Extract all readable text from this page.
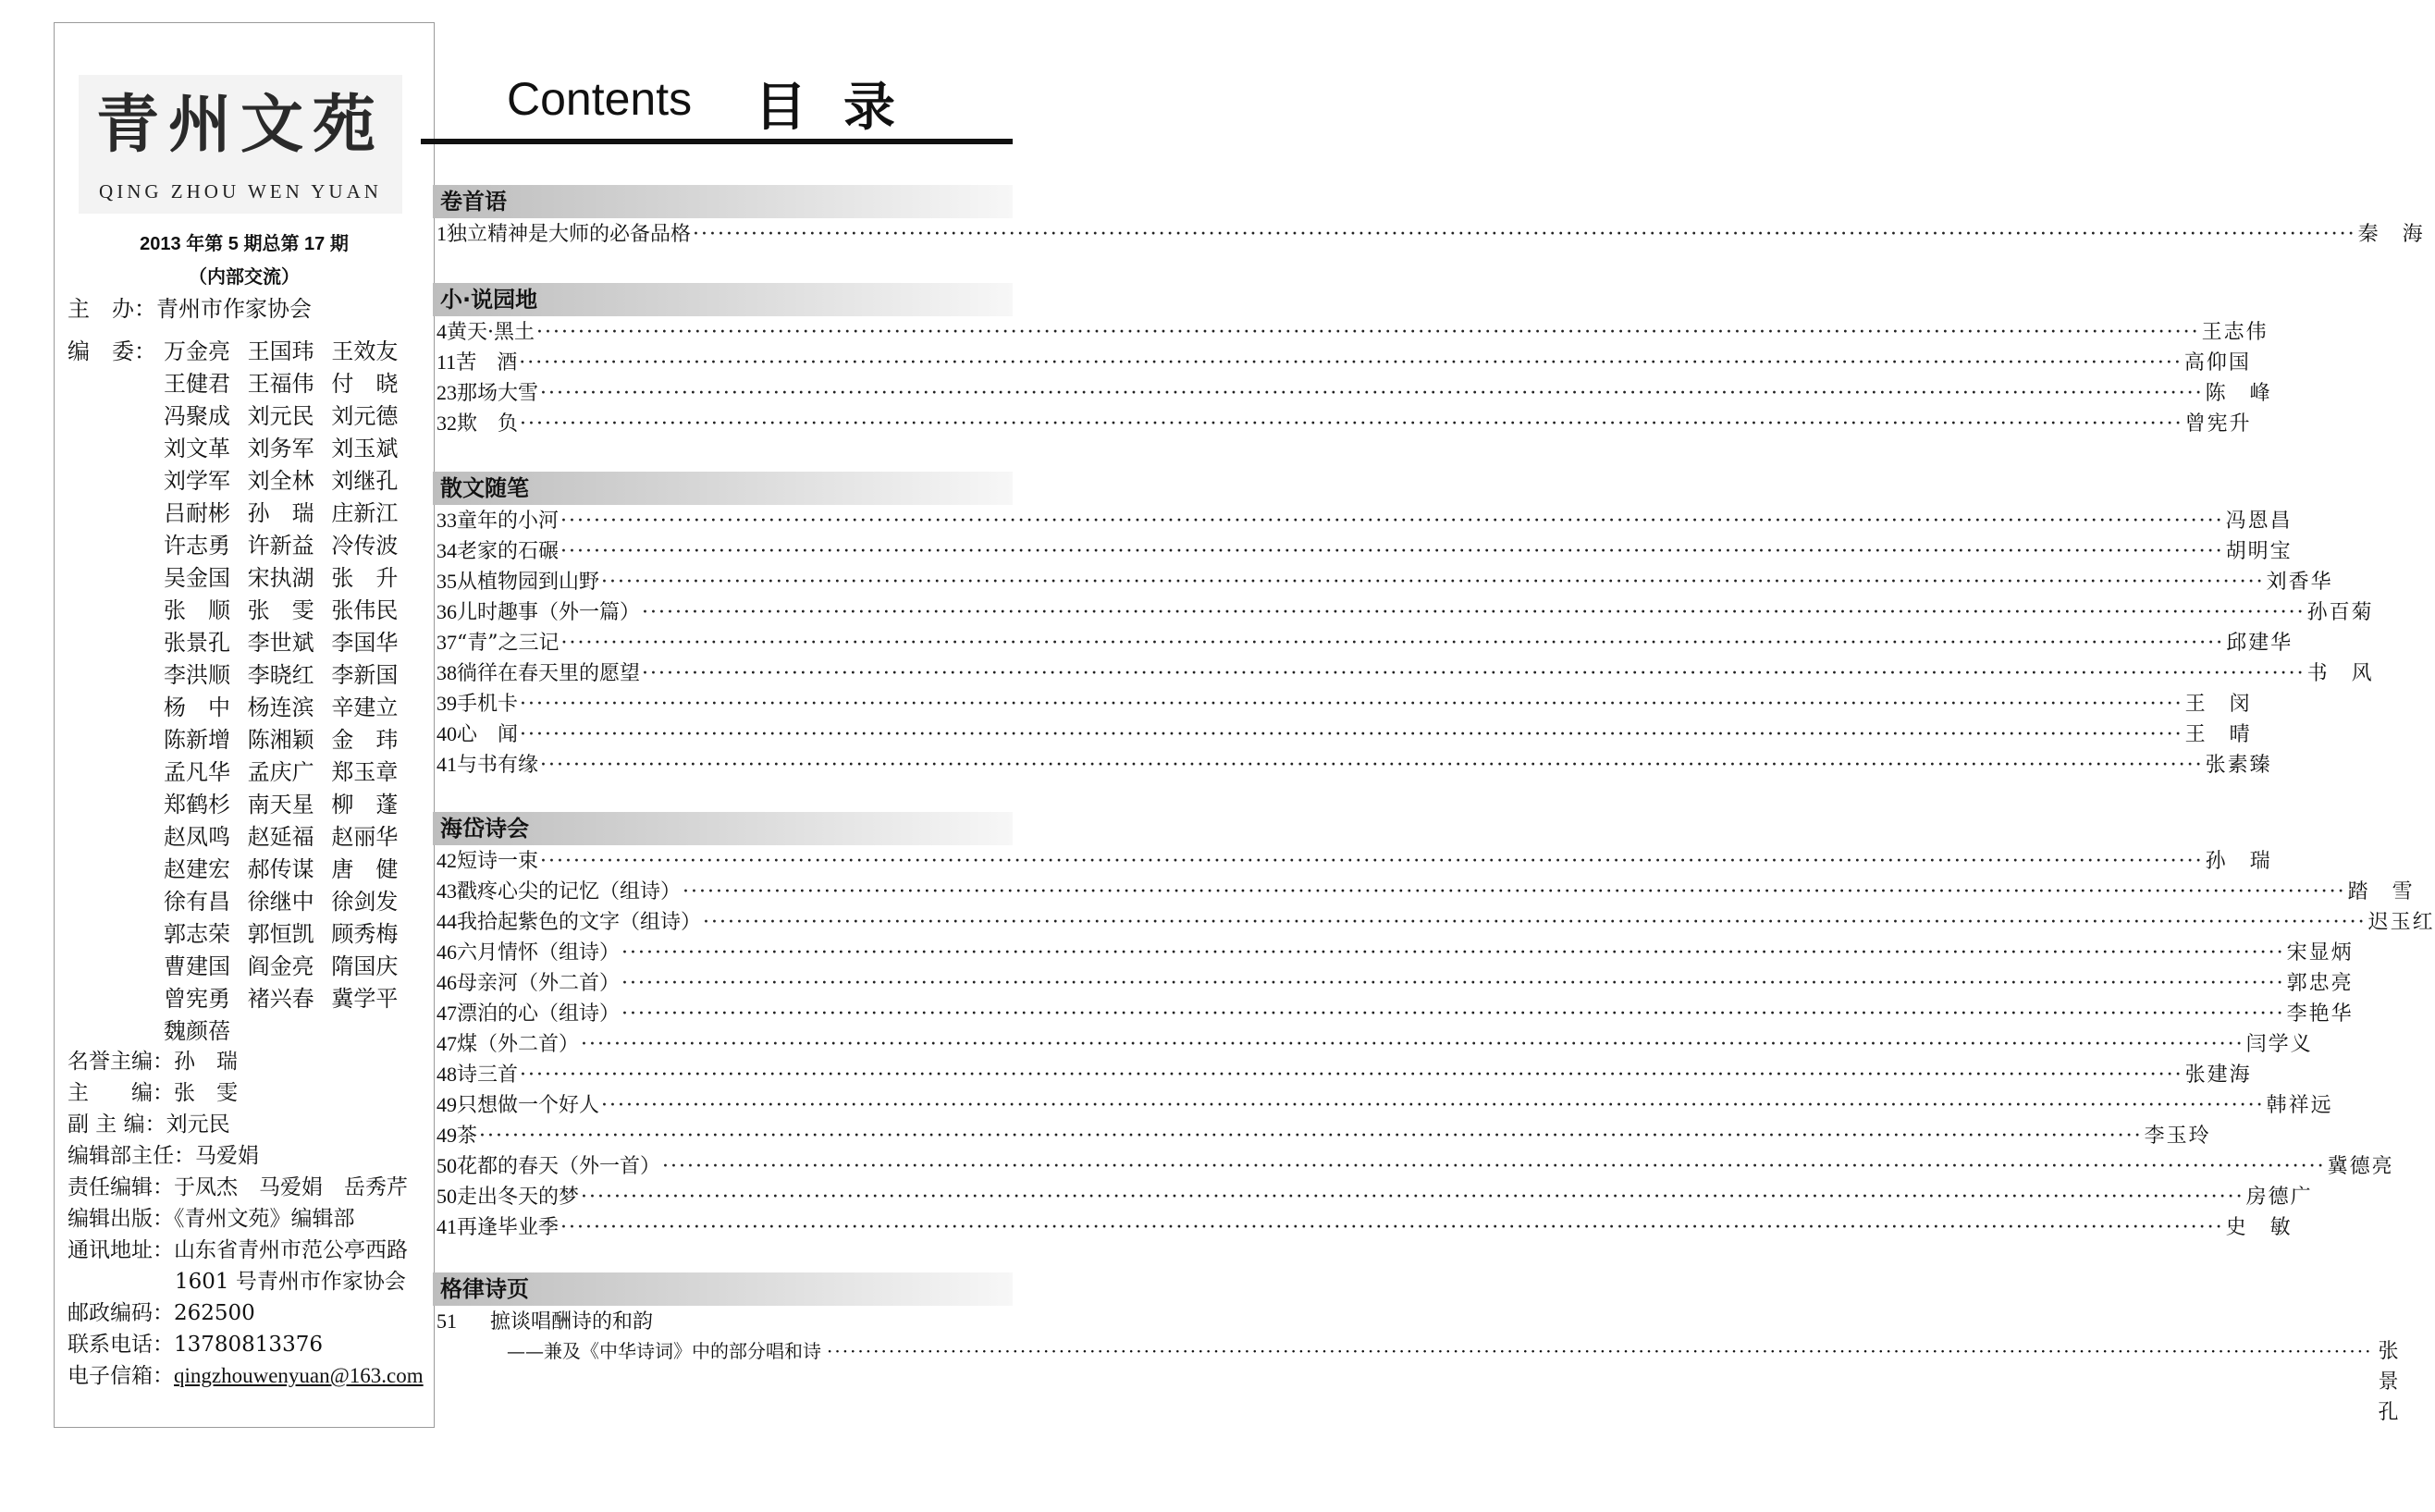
青州文苑
QING ZHOU WEN YUAN
2013 年第 5 期总第 17 期
（内部交流）
主　办：青州市作家协会
编　委： 万金亮 王国玮 王效友
王健君 王福伟 付　晓
冯聚成 刘元民 刘元德
刘文革 刘务军 刘玉斌
刘学军 刘全林 刘继孔
吕耐彬 孙　瑞 庄新江
许志勇 许新益 冷传波
吴金国 宋执湖 张　升
张　顺 张　雯 张伟民
张景孔 李世斌 李国华
李洪顺 李晓红 李新国
杨　中 杨连滨 辛建立
陈新增 陈湘颖 金　玮
孟凡华 孟庆广 郑玉章
郑鹤杉 南天星 柳　蓬
赵凤鸣 赵延福 赵丽华
赵建宏 郝传谋 唐　健
徐有昌 徐继中 徐剑发
郭志荣 郭恒凯 顾秀梅
曹建国 阎金亮 隋国庆
曾宪勇 褚兴春 冀学平
魏颜蓓
名誉主编：孙　瑞
主　　编：张　雯
副 主 编：刘元民
编辑部主任：马爱娟
责任编辑：于凤杰　马爱娟　岳秀芹
编辑出版：《青州文苑》编辑部
通讯地址：山东省青州市范公亭西路
1601 号青州市作家协会
邮政编码：262500
联系电话：13780813376
电子信箱：qingzhouwenyuan@163.com
Contents 目录
卷首语
1 独立精神是大师的必备品格 ········································································································································································································ 秦　海
小·说园地
4 黄天·黑土 ········································································································································································································ 王志伟
11 苦　酒 ········································································································································································································ 高仰国
23 那场大雪 ········································································································································································································ 陈　峰
32 欺　负 ········································································································································································································ 曾宪升
散文随笔
33 童年的小河 ········································································································································································································ 冯恩昌
34 老家的石碾 ········································································································································································································ 胡明宝
35 从植物园到山野 ········································································································································································································ 刘香华
36 儿时趣事（外一篇） ········································································································································································································ 孙百菊
37 “青”之三记 ········································································································································································································ 邱建华
38 徜徉在春天里的愿望 ········································································································································································································ 书　风
39 手机卡 ········································································································································································································ 王　闵
40 心　闻 ········································································································································································································ 王　晴
41 与书有缘 ········································································································································································································ 张素臻
海岱诗会
42 短诗一束 ········································································································································································································ 孙　瑞
43 戳疼心尖的记忆（组诗） ········································································································································································································ 踏　雪
44 我拾起紫色的文字（组诗） ········································································································································································································ 迟玉红
46 六月情怀（组诗） ········································································································································································································ 宋显炳
46 母亲河（外二首） ········································································································································································································ 郭忠亮
47 漂泊的心（组诗） ········································································································································································································ 李艳华
47 煤（外二首） ········································································································································································································ 闫学义
48 诗三首 ········································································································································································································ 张建海
49 只想做一个好人 ········································································································································································································ 韩祥远
49 茶 ········································································································································································································ 李玉玲
50 花都的春天（外一首） ········································································································································································································ 冀德亮
50 走出冬天的梦 ········································································································································································································ 房德广
41 再逢毕业季 ········································································································································································································ 史　敏
格律诗页
51	摭谈唱酬诗的和韵
——兼及《中华诗词》中的部分唱和诗 ········································································································································································································ 张景孔
